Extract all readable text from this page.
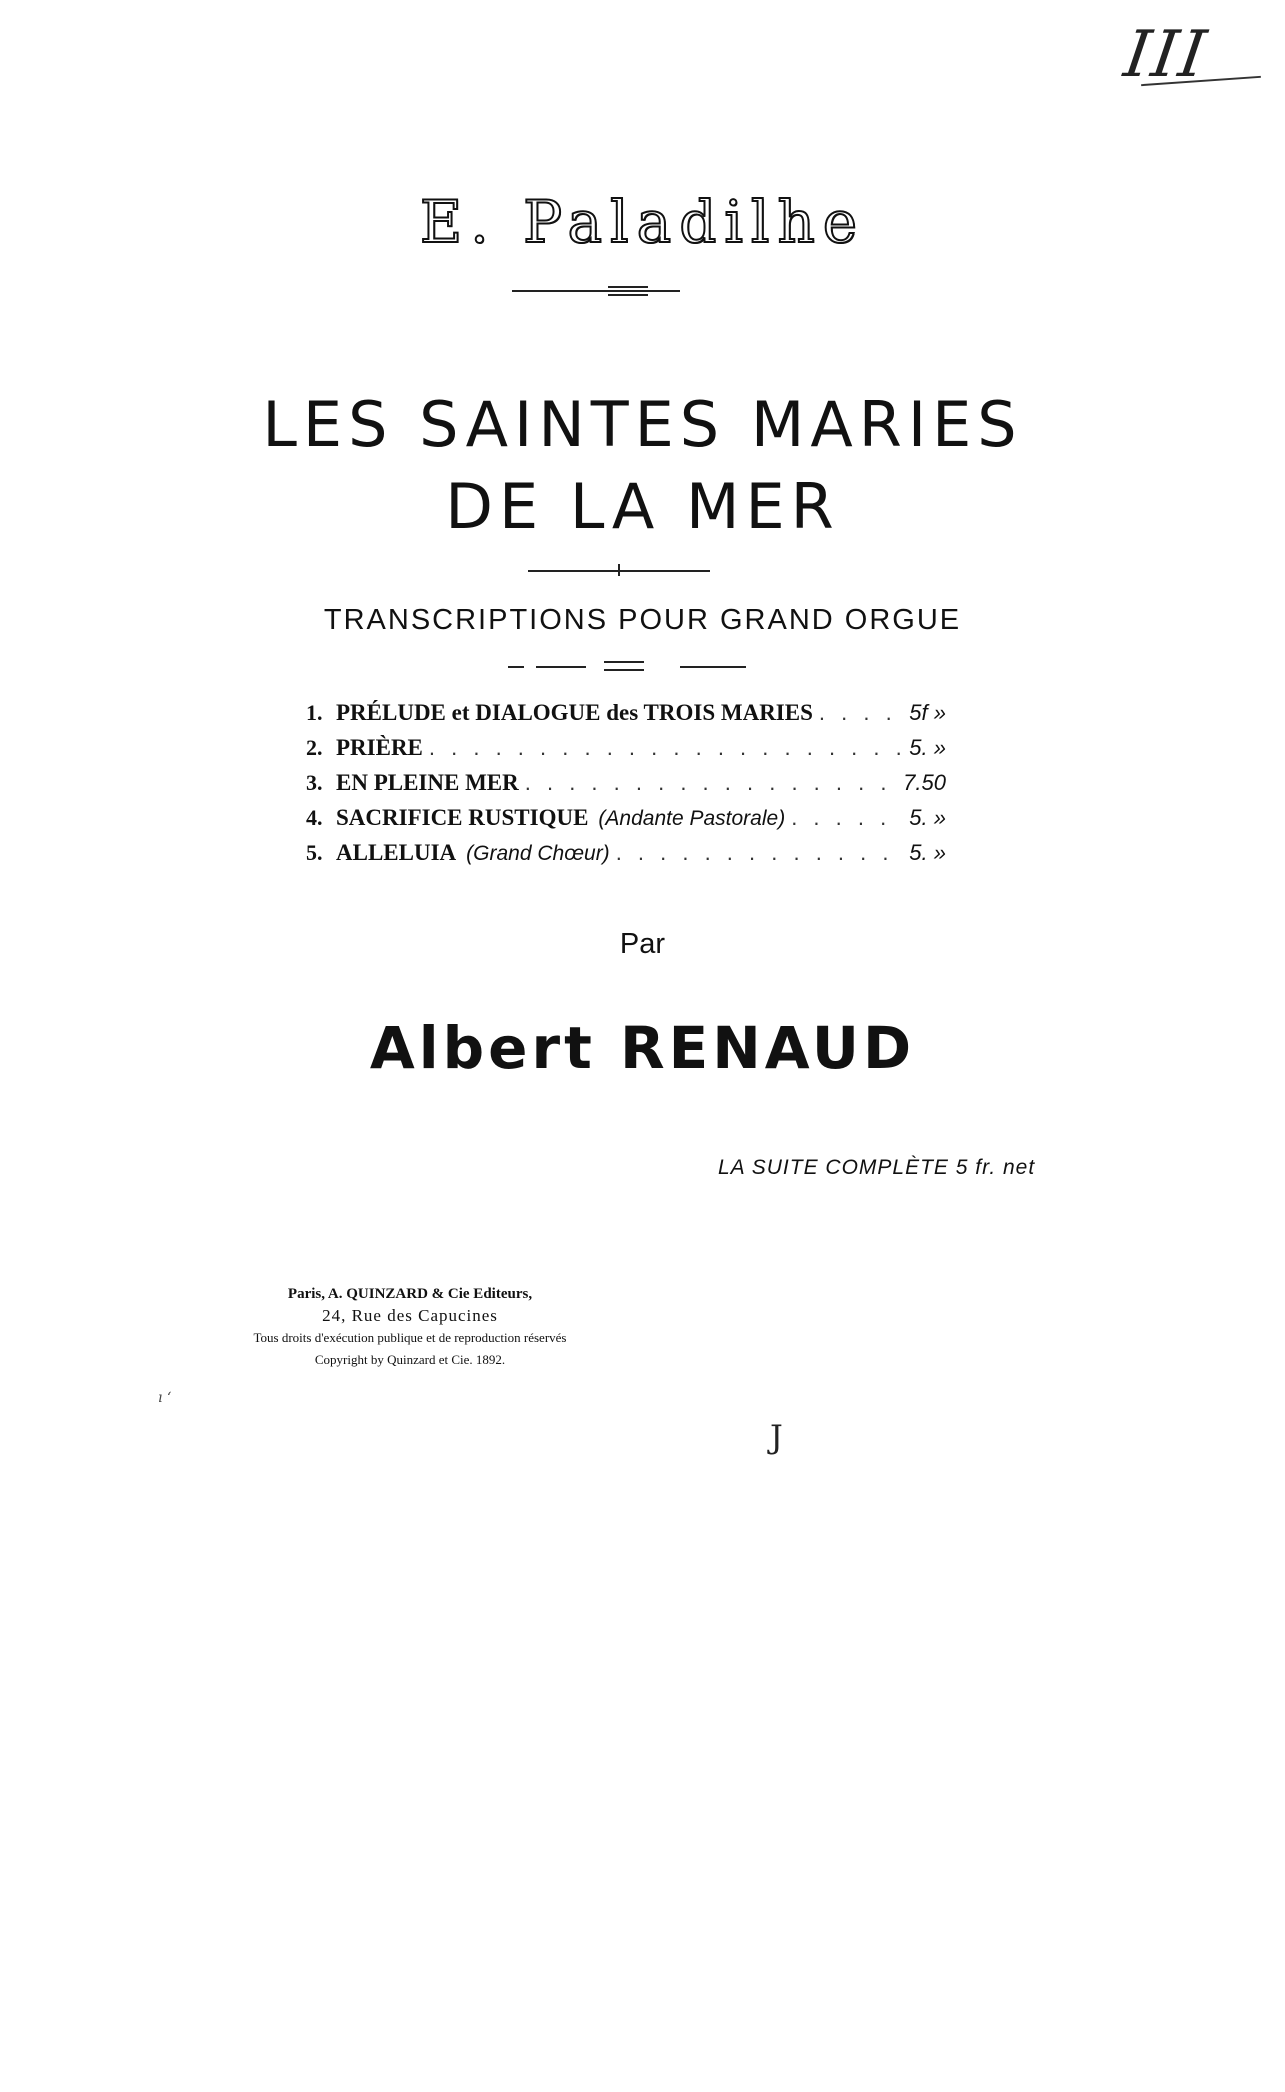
III
E. Paladilhe
LES SAINTES MARIES
DE LA MER
TRANSCRIPTIONS POUR GRAND ORGUE
1. PRÉLUDE et DIALOGUE des TROIS MARIES . . .	5f »
2. PRIÈRE . . .	5. »
3. EN PLEINE MER . . .	7.50
4. SACRIFICE RUSTIQUE (Andante Pastorale) . . .	5. »
5. ALLELUIA (Grand Chœur) . . .	5. »
Par
Albert RENAUD
LA SUITE COMPLÈTE 5 fr. net
Paris, A. QUINZARD & Cie Editeurs,
24, Rue des Capucines
Tous droits d'exécution publique et de reproduction réservés
Copyright by Quinzard et Cie. 1892.
ı ʻ
J
